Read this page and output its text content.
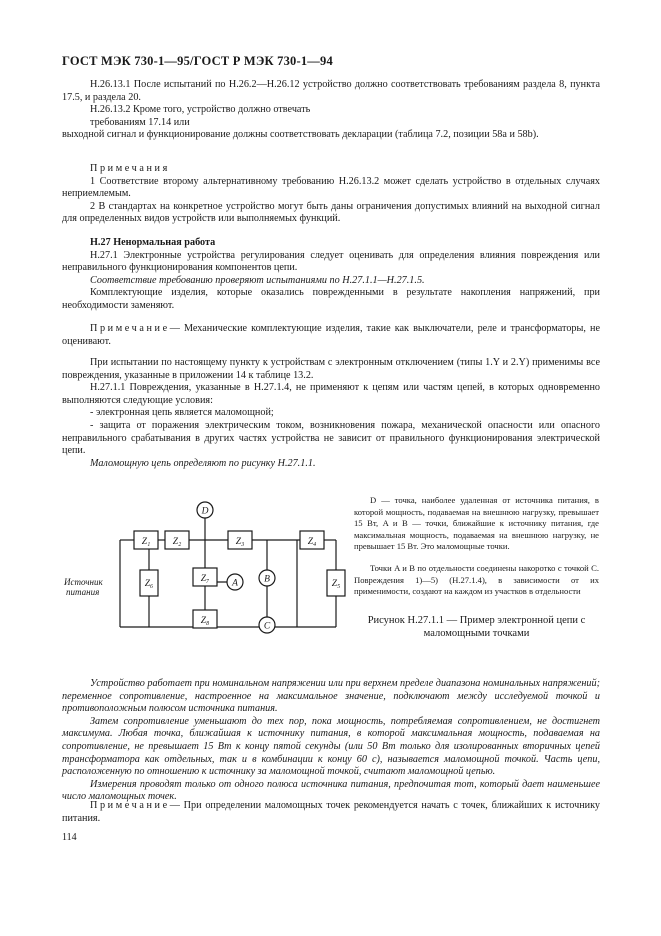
ГОСТ МЭК 730-1—95/ГОСТ Р МЭК 730-1—94

Н.26.13.1 После испытаний по Н.26.2—Н.26.12 устройство должно соответствовать требованиям раздела 8, пункта 17.5, и раздела 20.

Н.26.13.2 Кроме того, устройство должно отвечать

требованиям 17.14 или

выходной сигнал и функционирование должны соответствовать декларации (таблица 7.2, позиции 58а и 58b).

Примечания

1 Соответствие второму альтернативному требованию Н.26.13.2 может сделать устройство в отдельных случаях неприемлемым.

2 В стандартах на конкретное устройство могут быть даны ограничения допустимых влияний на выходной сигнал для определенных видов устройств или выполняемых функций.

Н.27 Ненормальная работа

Н.27.1 Электронные устройства регулирования следует оценивать для определения влияния повреждения или неправильного функционирования компонентов цепи.

Соответствие требованию проверяют испытаниями по Н.27.1.1—Н.27.1.5.

Комплектующие изделия, которые оказались поврежденными в результате накопления напряжений, при необходимости заменяют.

Примечание— Механические комплектующие изделия, такие как выключатели, реле и трансформаторы, не оценивают.

При испытании по настоящему пункту к устройствам с электронным отключением (типы 1.Y и 2.Y) применимы все повреждения, указанные в приложении 14 к таблице 13.2.

Н.27.1.1 Повреждения, указанные в Н.27.1.4, не применяют к цепям или частям цепей, в которых одновременно выполняются следующие условия:

- электронная цепь является маломощной;

- защита от поражения электрическим током, возникновения пожара, механической опасности или опасного неправильного срабатывания в других частях устройства не зависит от правильного функционирования электрической цепи.

Маломощную цепь определяют по рисунку Н.27.1.1.

D
B
A
C
Z₁ Z₂	Z₃	Z₄
Z₆	Z₇
Z₈
Z₅
Источник
питания
D — точка, наиболее удаленная от источника питания, в которой мощность, подаваемая на внешнюю нагрузку, превышает 15 Вт, A и B — точки, ближайшие к источнику питания, где максимальная мощность, подаваемая на внешнюю нагрузку, не превышает 15 Вт. Это маломощные точки.
Точки A и B по отдельности соединены накоротко с точкой C. Повреждения 1)—5) (Н.27.1.4), в зависимости от их применимости, создают на каждом из участков в отдельности
Рисунок Н.27.1.1 — Пример электронной цепи с маломощными точками

Устройство работает при номинальном напряжении или при верхнем пределе диапазона номинальных напряжений; переменное сопротивление, настроенное на максимальное значение, подключают между исследуемой точкой и противоположным полюсом источника питания.

Затем сопротивление уменьшают до тех пор, пока мощность, потребляемая сопротивлением, не достигнет максимума. Любая точка, ближайшая к источнику питания, в которой максимальная мощность, подаваемая на сопротивление, не превышает 15 Вт к концу пятой секунды (или 50 Вт только для изолированных вторичных цепей трансформатора как отдельных, так и в комбинации к концу 60 с), называется маломощной точкой. Часть цепи, расположенную по отношению к источнику за маломощной точкой, считают маломощной цепью.

Измерения проводят только от одного полюса источника питания, предпочитая тот, который дает наименьшее число маломощных точек.

Примечание— При определении маломощных точек рекомендуется начать с точек, ближайших к источнику питания.

114
